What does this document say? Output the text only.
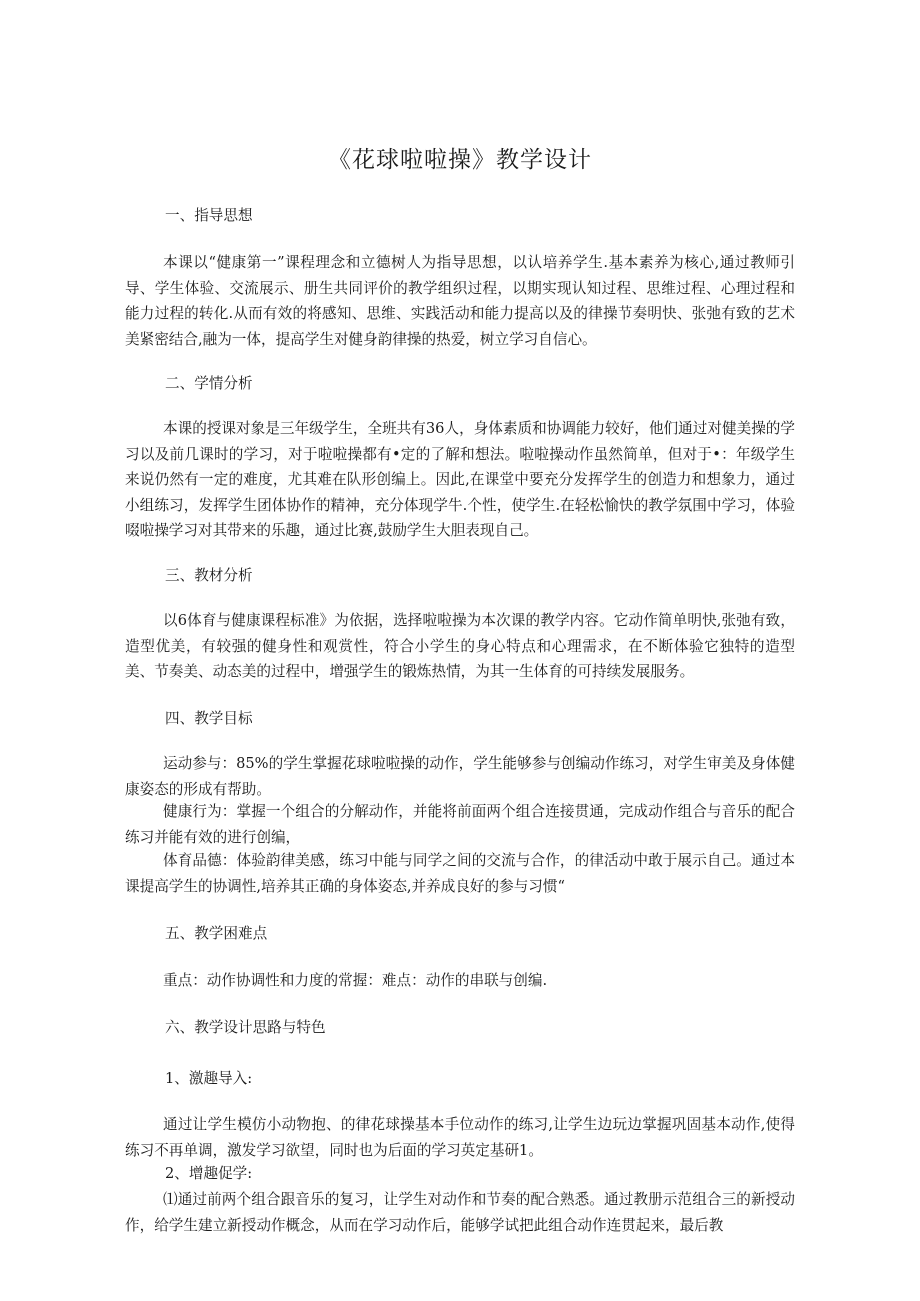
《花球啦啦操》教学设计
一、指导思想

本课以“健康第一”课程理念和立德树人为指导思想，以认培养学生.基本素养为核心,通过教师引导、学生体验、交流展示、册生共同评价的教学组织过程，以期实现认知过程、思维过程、心理过程和能力过程的转化.从而有效的将感知、思维、实践活动和能力提高以及的律操节奏明快、张弛有致的艺术美紧密结合,融为一体，提高学生对健身韵律操的热爱，树立学习自信心。

二、学情分析

本课的授课对象是三年级学生，全班共有36人，身体素质和协调能力较好，他们通过对健美操的学习以及前几课时的学习，对于啦啦操都有•定的了解和想法。啦啦操动作虽然简单，但对于•：年级学生来说仍然有一定的难度，尤其难在队形创编上。因此,在课堂中要充分发挥学生的创造力和想象力，通过小组练习，发挥学生团体协作的精神，充分体现学牛.个性，使学生.在轻松愉快的教学氛围中学习，体验啜啦操学习对其带来的乐趣，通过比赛,鼓励学生大胆表现自己。

三、教材分析

以6体育与健康课程标准》为依据，选择啦啦操为本次课的教学内容。它动作简单明快,张弛有致，造型优美，有较强的健身性和观赏性，符合小学生的身心特点和心理需求，在不断体验它独特的造型美、节奏美、动态美的过程中，增强学生的锻炼热情，为其一生体育的可持续发展服务。

四、教学目标

运动参与：85%的学生掌握花球啦啦操的动作，学生能够参与创编动作练习，对学生审美及身体健康姿态的形成有帮助。

健康行为：掌握一个组合的分解动作，并能将前面两个组合连接贯通，完成动作组合与音乐的配合练习并能有效的进行创编，

体育品德：体验韵律美感，练习中能与同学之间的交流与合作，的律活动中敢于展示自己。通过本课提高学生的协调性,培养其正确的身体姿态,并养成良好的参与习惯“

五、教学困难点

重点：动作协调性和力度的常握：难点：动作的串联与创编.

六、教学设计思路与特色
1、激趣导入:

通过让学生模仿小动物抱、的律花球操基本手位动作的练习,让学生边玩边掌握巩固基本动作,使得练习不再单调，激发学习欲望，同时也为后面的学习英定基研1。

2、增趣促学:

⑴通过前两个组合跟音乐的复习，让学生对动作和节奏的配合熟悉。通过教册示范组合三的新授动作，给学生建立新授动作概念，从而在学习动作后，能够学试把此组合动作连贯起来，最后教
